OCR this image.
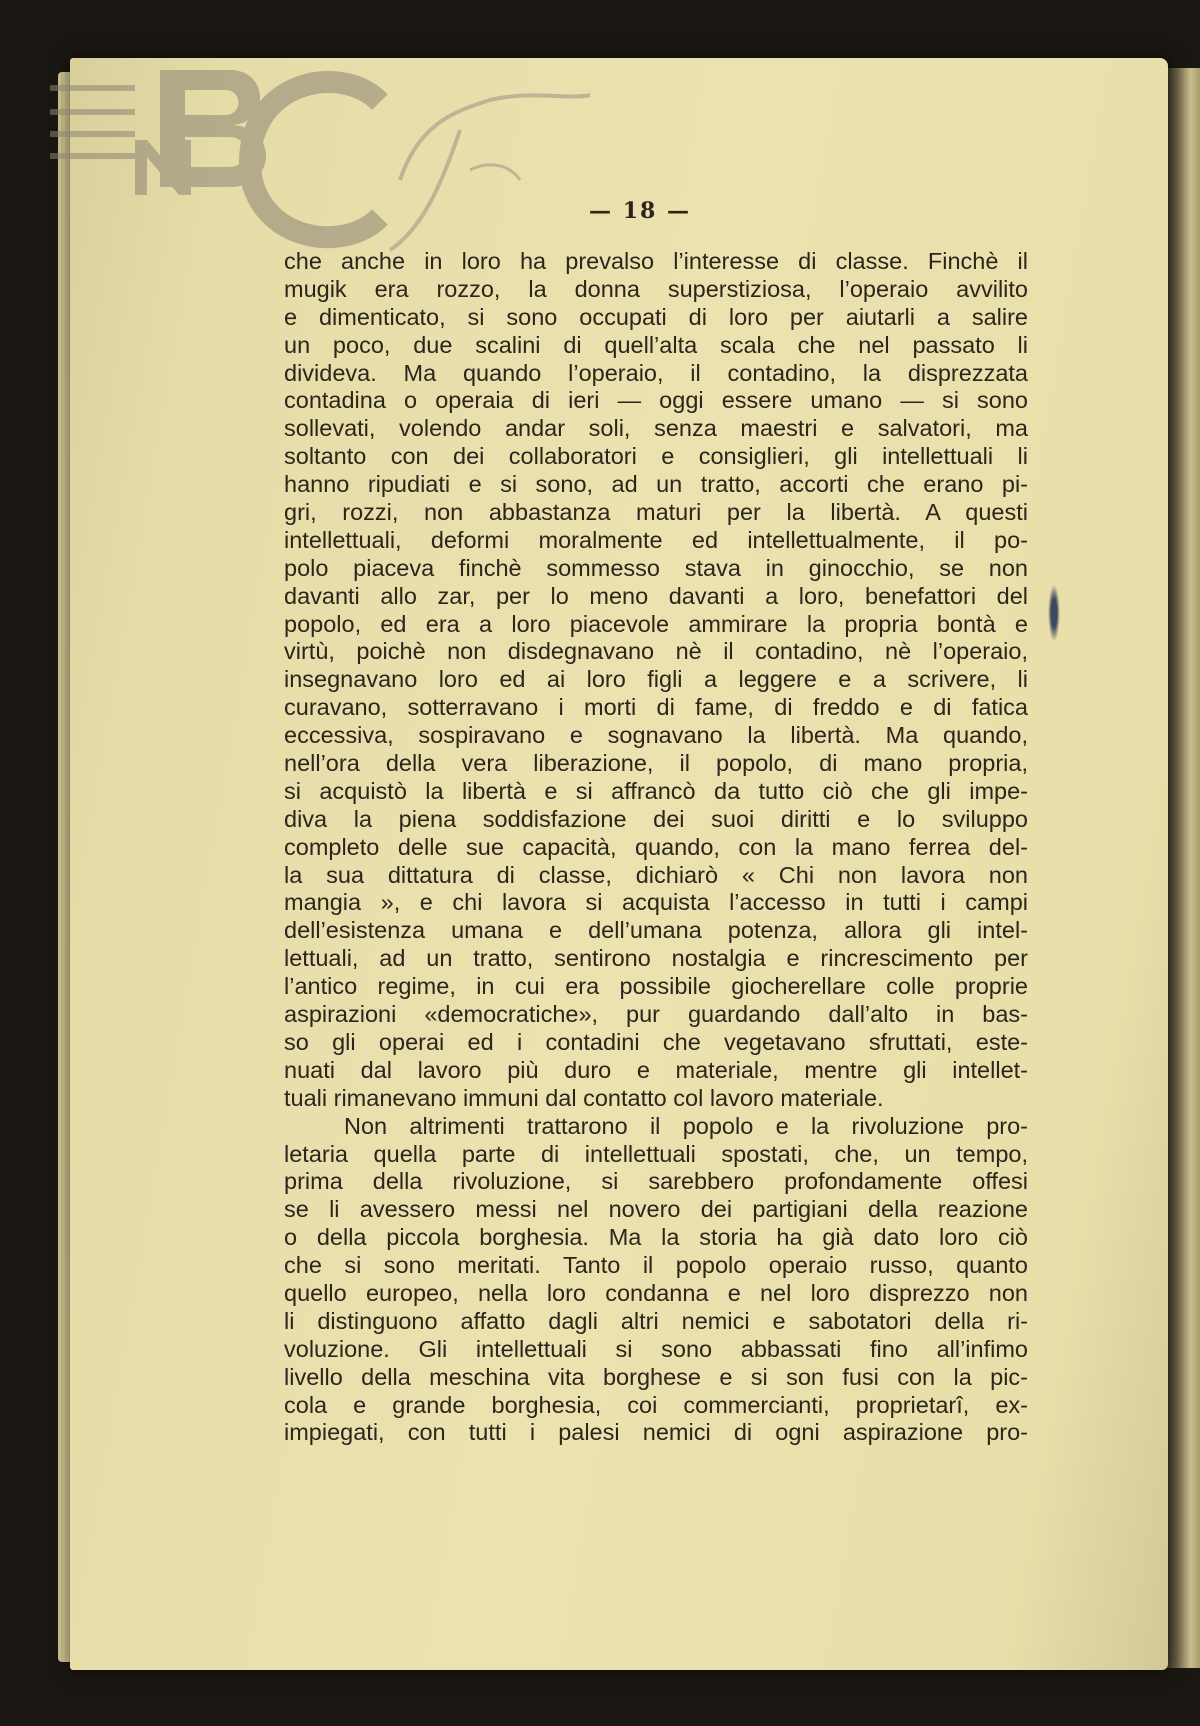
— 18 —
che anche in loro ha prevalso l’interesse di classe. Finchè il
mugik era rozzo, la donna superstiziosa, l’operaio avvilito
e dimenticato, si sono occupati di loro per aiutarli a salire
un poco, due scalini di quell’alta scala che nel passato li
divideva. Ma quando l’operaio, il contadino, la disprezzata
contadina o operaia di ieri — oggi essere umano — si sono
sollevati, volendo andar soli, senza maestri e salvatori, ma
soltanto con dei collaboratori e consiglieri, gli intellettuali li
hanno ripudiati e si sono, ad un tratto, accorti che erano pi-
gri, rozzi, non abbastanza maturi per la libertà. A questi
intellettuali, deformi moralmente ed intellettualmente, il po-
polo piaceva finchè sommesso stava in ginocchio, se non
davanti allo zar, per lo meno davanti a loro, benefattori del
popolo, ed era a loro piacevole ammirare la propria bontà e
virtù, poichè non disdegnavano nè il contadino, nè l’operaio,
insegnavano loro ed ai loro figli a leggere e a scrivere, li
curavano, sotterravano i morti di fame, di freddo e di fatica
eccessiva, sospiravano e sognavano la libertà. Ma quando,
nell’ora della vera liberazione, il popolo, di mano propria,
si acquistò la libertà e si affrancò da tutto ciò che gli impe-
diva la piena soddisfazione dei suoi diritti e lo sviluppo
completo delle sue capacità, quando, con la mano ferrea del-
la sua dittatura di classe, dichiarò « Chi non lavora non
mangia », e chi lavora si acquista l’accesso in tutti i campi
dell’esistenza umana e dell’umana potenza, allora gli intel-
lettuali, ad un tratto, sentirono nostalgia e rincrescimento per
l’antico regime, in cui era possibile giocherellare colle proprie
aspirazioni «democratiche», pur guardando dall’alto in bas-
so gli operai ed i contadini che vegetavano sfruttati, este-
nuati dal lavoro più duro e materiale, mentre gli intellet-
tuali rimanevano immuni dal contatto col lavoro materiale.
Non altrimenti trattarono il popolo e la rivoluzione pro-
letaria quella parte di intellettuali spostati, che, un tempo,
prima della rivoluzione, si sarebbero profondamente offesi
se li avessero messi nel novero dei partigiani della reazione
o della piccola borghesia. Ma la storia ha già dato loro ciò
che si sono meritati. Tanto il popolo operaio russo, quanto
quello europeo, nella loro condanna e nel loro disprezzo non
li distinguono affatto dagli altri nemici e sabotatori della ri-
voluzione. Gli intellettuali si sono abbassati fino all’infimo
livello della meschina vita borghese e si son fusi con la pic-
cola e grande borghesia, coi commercianti, proprietarî, ex-
impiegati, con tutti i palesi nemici di ogni aspirazione pro-
